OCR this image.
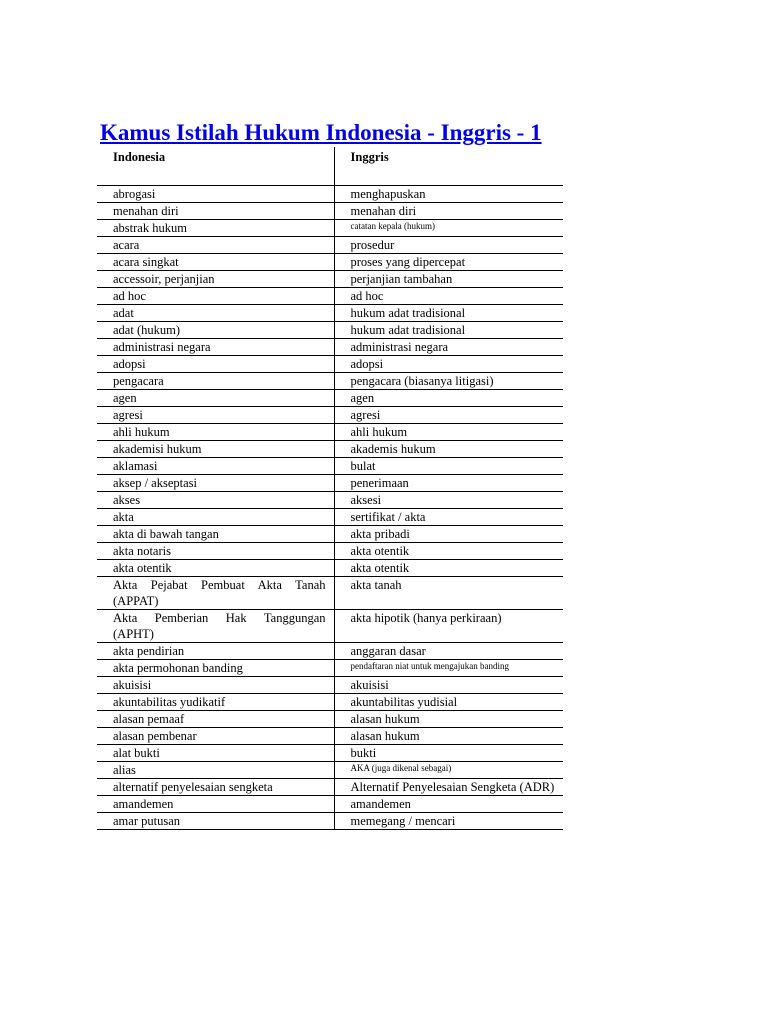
Kamus Istilah Hukum Indonesia - Inggris - 1
Indonesia	Inggris
abrogasi	menghapuskan
menahan diri	menahan diri
abstrak hukum	catatan kepala (hukum)
acara	prosedur
acara singkat	proses yang dipercepat
accessoir, perjanjian	perjanjian tambahan
ad hoc	ad hoc
adat	hukum adat tradisional
adat (hukum)	hukum adat tradisional
administrasi negara	administrasi negara
adopsi	adopsi
pengacara	pengacara (biasanya litigasi)
agen	agen
agresi	agresi
ahli hukum	ahli hukum
akademisi hukum	akademis hukum
aklamasi	bulat
aksep / akseptasi	penerimaan
akses	aksesi
akta	sertifikat / akta
akta di bawah tangan	akta pribadi
akta notaris	akta otentik
akta otentik	akta otentik
Akta Pejabat Pembuat Akta Tanah (APPAT)	akta tanah
Akta Pemberian Hak Tanggungan (APHT)	akta hipotik (hanya perkiraan)
akta pendirian	anggaran dasar
akta permohonan banding	pendaftaran niat untuk mengajukan banding
akuisisi	akuisisi
akuntabilitas yudikatif	akuntabilitas yudisial
alasan pemaaf	alasan hukum
alasan pembenar	alasan hukum
alat bukti	bukti
alias	AKA (juga dikenal sebagai)
alternatif penyelesaian sengketa	Alternatif Penyelesaian Sengketa (ADR)
amandemen	amandemen
amar putusan	memegang / mencari
